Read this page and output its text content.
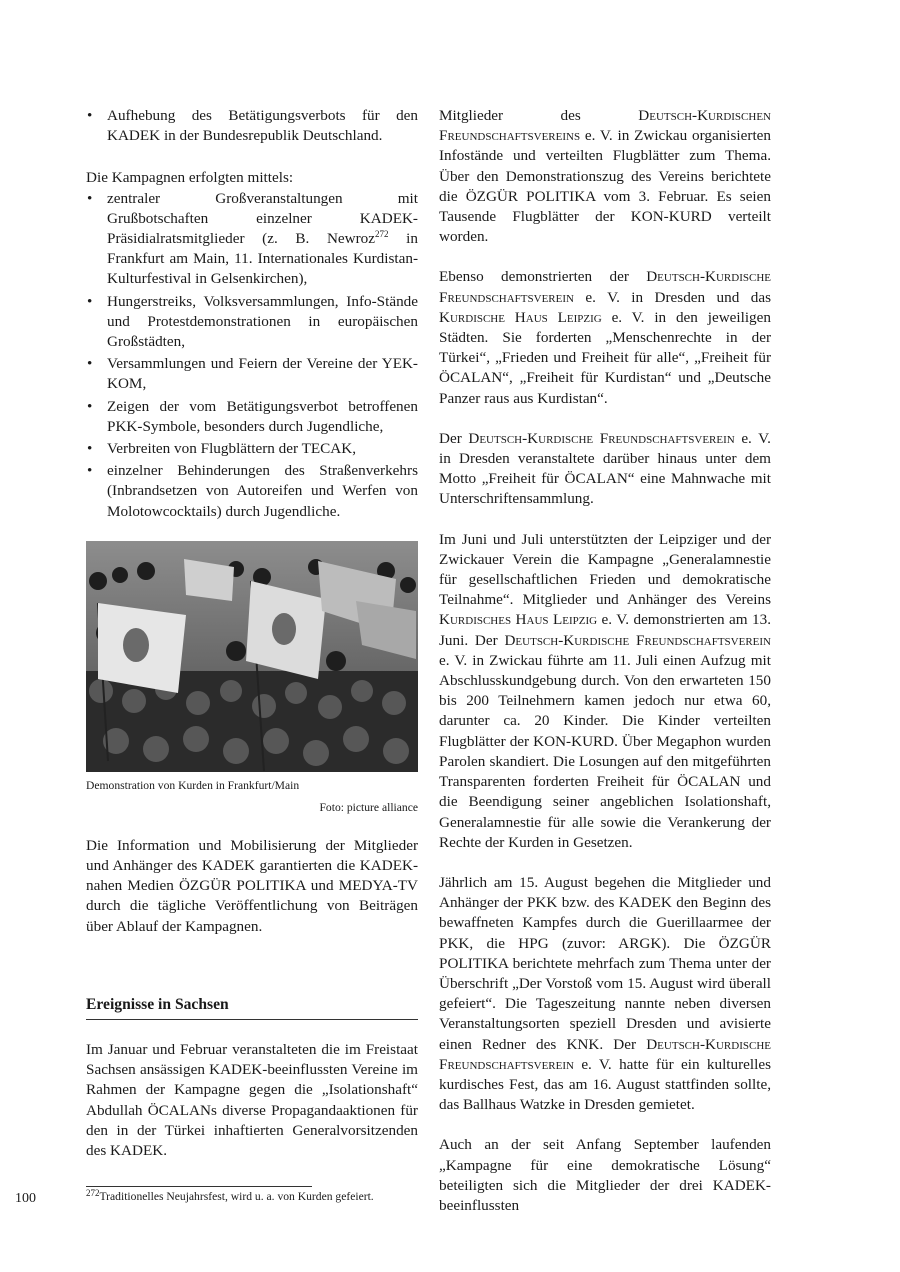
• Aufhebung des Betätigungsverbots für den KADEK in der Bundesrepublik Deutschland.

Die Kampagnen erfolgten mittels:

• zentraler Großveranstaltungen mit Grußbotschaften einzelner KADEK-Präsidialratsmitglieder (z. B. Newroz$^{272}$ in Frankfurt am Main, 11. Internationales Kurdistan-Kulturfestival in Gelsenkirchen),
• Hungerstreiks, Volksversammlungen, Info-Stände und Protestdemonstrationen in europäischen Großstädten,
• Versammlungen und Feiern der Vereine der YEK-KOM,
• Zeigen der vom Betätigungsverbot betroffenen PKK-Symbole, besonders durch Jugendliche,
• Verbreiten von Flugblättern der TECAK,
• einzelner Behinderungen des Straßenverkehrs (Inbrandsetzen von Autoreifen und Werfen von Molotowcocktails) durch Jugendliche.
Demonstration von Kurden in Frankfurt/Main
Foto: picture alliance

Die Information und Mobilisierung der Mitglieder und Anhänger des KADEK garantierten die KADEK-nahen Medien ÖZGÜR POLITIKA und MEDYA-TV durch die tägliche Veröffentlichung von Beiträgen über Ablauf der Kampagnen.

Ereignisse in Sachsen

Im Januar und Februar veranstalteten die im Freistaat Sachsen ansässigen KADEK-beeinflussten Vereine im Rahmen der Kampagne gegen die „Isolationshaft“ Abdullah ÖCALANs diverse Propagandaaktionen für den in der Türkei inhaftierten Generalvorsitzenden des KADEK.

Mitglieder des Deutsch-Kurdischen Freundschaftsvereins e. V. in Zwickau organisierten Infostände und verteilten Flugblätter zum Thema. Über den Demonstrationszug des Vereins berichtete die ÖZGÜR POLITIKA vom 3. Februar. Es seien Tausende Flugblätter der KON-KURD verteilt worden.

Ebenso demonstrierten der Deutsch-Kurdische Freundschaftsverein e. V. in Dresden und das Kurdische Haus Leipzig e. V. in den jeweiligen Städten. Sie forderten „Menschenrechte in der Türkei“, „Frieden und Freiheit für alle“, „Freiheit für ÖCALAN“, „Freiheit für Kurdistan“ und „Deutsche Panzer raus aus Kurdistan“.

Der Deutsch-Kurdische Freundschaftsverein e. V. in Dresden veranstaltete darüber hinaus unter dem Motto „Freiheit für ÖCALAN“ eine Mahnwache mit Unterschriftensammlung.

Im Juni und Juli unterstützten der Leipziger und der Zwickauer Verein die Kampagne „Generalamnestie für gesellschaftlichen Frieden und demokratische Teilnahme“. Mitglieder und Anhänger des Vereins Kurdisches Haus Leipzig e. V. demonstrierten am 13. Juni. Der Deutsch-Kurdische Freundschaftsverein e. V. in Zwickau führte am 11. Juli einen Aufzug mit Abschlusskundgebung durch. Von den erwarteten 150 bis 200 Teilnehmern kamen jedoch nur etwa 60, darunter ca. 20 Kinder. Die Kinder verteilten Flugblätter der KON-KURD. Über Megaphon wurden Parolen skandiert. Die Losungen auf den mitgeführten Transparenten forderten Freiheit für ÖCALAN und die Beendigung seiner angeblichen Isolationshaft, Generalamnestie für alle sowie die Verankerung der Rechte der Kurden in Gesetzen.

Jährlich am 15. August begehen die Mitglieder und Anhänger der PKK bzw. des KADEK den Beginn des bewaffneten Kampfes durch die Guerillaarmee der PKK, die HPG (zuvor: ARGK). Die ÖZGÜR POLITIKA berichtete mehrfach zum Thema unter der Überschrift „Der Vorstoß vom 15. August wird überall gefeiert“. Die Tageszeitung nannte neben diversen Veranstaltungsorten speziell Dresden und avisierte einen Redner des KNK. Der Deutsch-Kurdische Freundschaftsverein e. V. hatte für ein kulturelles kurdisches Fest, das am 16. August stattfinden sollte, das Ballhaus Watzke in Dresden gemietet.

Auch an der seit Anfang September laufenden „Kampagne für eine demokratische Lösung“ beteiligten sich die Mitglieder der drei KADEK-beeinflussten

$^{272}$Traditionelles Neujahrsfest, wird u. a. von Kurden gefeiert.
100
